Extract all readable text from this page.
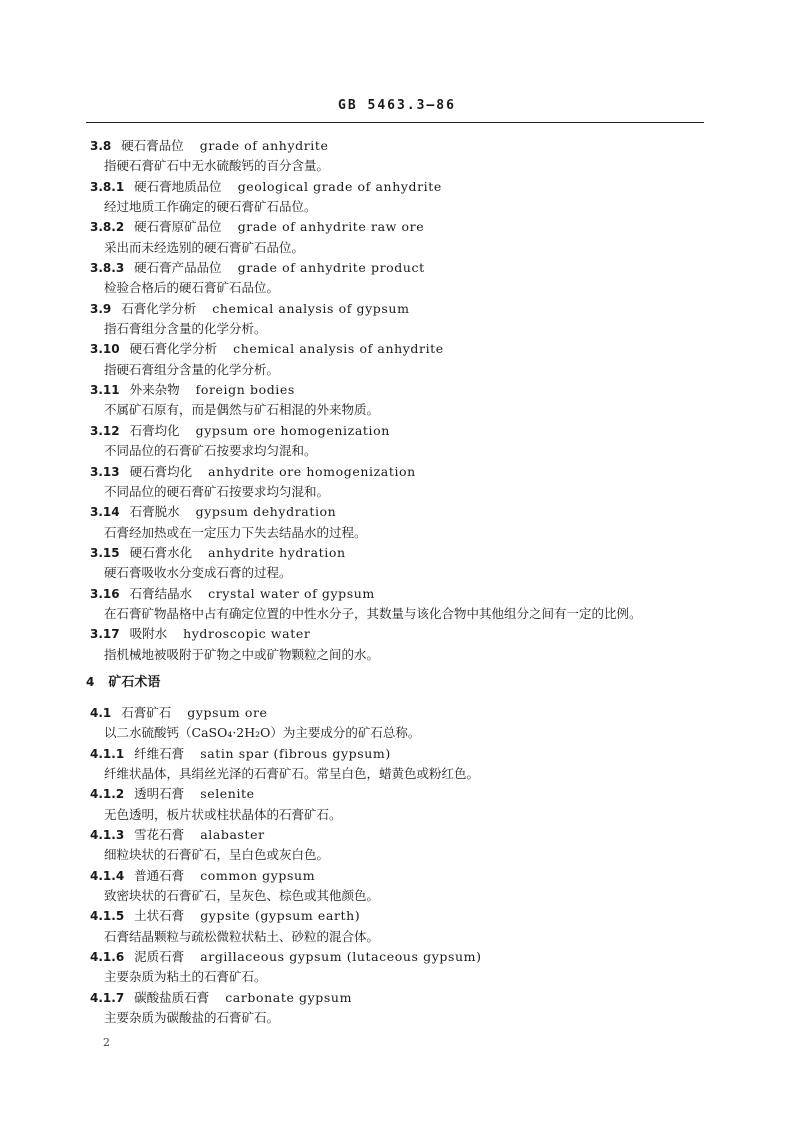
GB 5463.3—86
3.8 硬石膏品位 grade of anhydrite
指硬石膏矿石中无水硫酸钙的百分含量。
3.8.1 硬石膏地质品位 geological grade of anhydrite
经过地质工作确定的硬石膏矿石品位。
3.8.2 硬石膏原矿品位 grade of anhydrite raw ore
采出而未经选别的硬石膏矿石品位。
3.8.3 硬石膏产品品位 grade of anhydrite product
检验合格后的硬石膏矿石品位。
3.9 石膏化学分析 chemical analysis of gypsum
指石膏组分含量的化学分析。
3.10 硬石膏化学分析 chemical analysis of anhydrite
指硬石膏组分含量的化学分析。
3.11 外来杂物 foreign bodies
不属矿石原有，而是偶然与矿石相混的外来物质。
3.12 石膏均化 gypsum ore homogenization
不同品位的石膏矿石按要求均匀混和。
3.13 硬石膏均化 anhydrite ore homogenization
不同品位的硬石膏矿石按要求均匀混和。
3.14 石膏脱水 gypsum dehydration
石膏经加热或在一定压力下失去结晶水的过程。
3.15 硬石膏水化 anhydrite hydration
硬石膏吸收水分变成石膏的过程。
3.16 石膏结晶水 crystal water of gypsum
在石膏矿物晶格中占有确定位置的中性水分子，其数量与该化合物中其他组分之间有一定的比例。
3.17 吸附水 hydroscopic water
指机械地被吸附于矿物之中或矿物颗粒之间的水。
4 矿石术语
4.1 石膏矿石 gypsum ore
以二水硫酸钙（CaSO₄·2H₂O）为主要成分的矿石总称。
4.1.1 纤维石膏 satin spar (fibrous gypsum)
纤维状晶体，具绢丝光泽的石膏矿石。常呈白色，蜡黄色或粉红色。
4.1.2 透明石膏 selenite
无色透明，板片状或柱状晶体的石膏矿石。
4.1.3 雪花石膏 alabaster
细粒块状的石膏矿石，呈白色或灰白色。
4.1.4 普通石膏 common gypsum
致密块状的石膏矿石，呈灰色、棕色或其他颜色。
4.1.5 土状石膏 gypsite (gypsum earth)
石膏结晶颗粒与疏松微粒状粘土、砂粒的混合体。
4.1.6 泥质石膏 argillaceous gypsum (lutaceous gypsum)
主要杂质为粘土的石膏矿石。
4.1.7 碳酸盐质石膏 carbonate gypsum
主要杂质为碳酸盐的石膏矿石。
2
